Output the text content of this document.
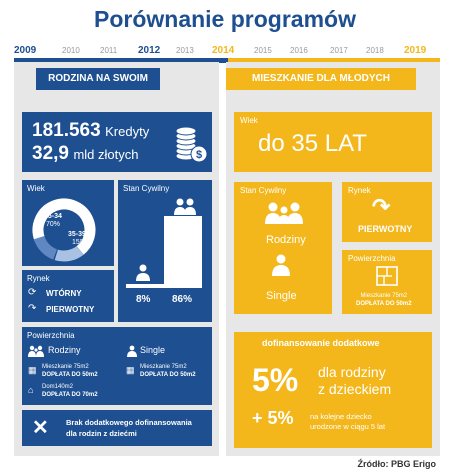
Porównanie programów
2009	2010	2011 2012 2013 2014 2015 2016	2017 2018 2019
RODZINA NA SWOIM
181.563 Kredyty
32,9 mld złotych	$
Wiek
25-34
70%
35-39
15%
Stan Cywilny
8% 86%
Rynek
⟳ WTÓRNY
↷ PIERWOTNY
Powierzchnia
Rodziny	Single
▦ Mieszkanie 75m2
DOPŁATA DO 50m2	▦ Mieszkanie 75m2
DOPŁATA DO 50m2
⌂ Dom140m2
DOPŁATA DO 70m2
✕ Brak dodatkowego dofinansowania
dla rodzin z dziećmi
MIESZKANIE DLA MŁODYCH
Wiek
do 35 LAT
Stan Cywilny
Rodziny
Single
Rynek
↷
PIERWOTNY
Powierzchnia
Mieszkanie 75m2
DOPŁATA DO 50m2
dofinansowanie dodatkowe
5% dla rodziny
z dzieckiem
+ 5% na kolejne dziecko
urodzone w ciągu 5 lat
Źródło: PBG Erigo
